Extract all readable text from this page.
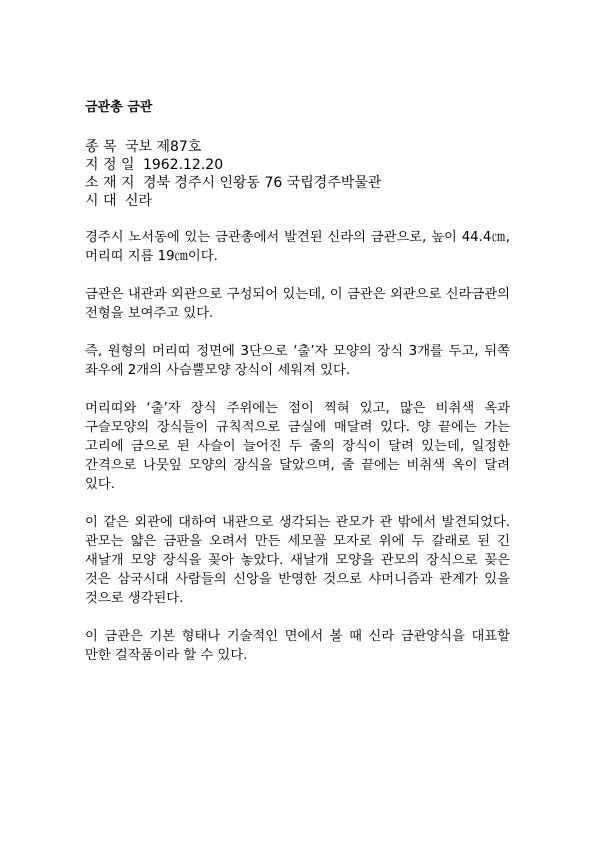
금관총 금관
종 목 국보 제87호
지 정 일 1962.12.20
소 재 지 경북 경주시 인왕동 76 국립경주박물관
시 대 신라

경주시 노서동에 있는 금관총에서 발견된 신라의 금관으로, 높이 44.4㎝, 머리띠 지름 19㎝이다.

금관은 내관과 외관으로 구성되어 있는데, 이 금관은 외관으로 신라금관의 전형을 보여주고 있다.

즉, 원형의 머리띠 정면에 3단으로 ‘출’자 모양의 장식 3개를 두고, 뒤쪽 좌우에 2개의 사슴뿔모양 장식이 세워져 있다.

머리띠와 ‘출’자 장식 주위에는 점이 찍혀 있고, 많은 비취색 옥과 구슬모양의 장식들이 규칙적으로 금실에 매달려 있다. 양 끝에는 가는 고리에 금으로 된 사슬이 늘어진 두 줄의 장식이 달려 있는데, 일정한 간격으로 나뭇잎 모양의 장식을 달았으며, 줄 끝에는 비취색 옥이 달려 있다.

이 같은 외관에 대하여 내관으로 생각되는 관모가 관 밖에서 발견되었다. 관모는 얇은 금판을 오려서 만든 세모꼴 모자로 위에 두 갈래로 된 긴 새날개 모양 장식을 꽂아 놓았다. 새날개 모양을 관모의 장식으로 꽂은 것은 삼국시대 사람들의 신앙을 반영한 것으로 샤머니즘과 관계가 있을 것으로 생각된다.

이 금관은 기본 형태나 기술적인 면에서 볼 때 신라 금관양식을 대표할 만한 걸작품이라 할 수 있다.
